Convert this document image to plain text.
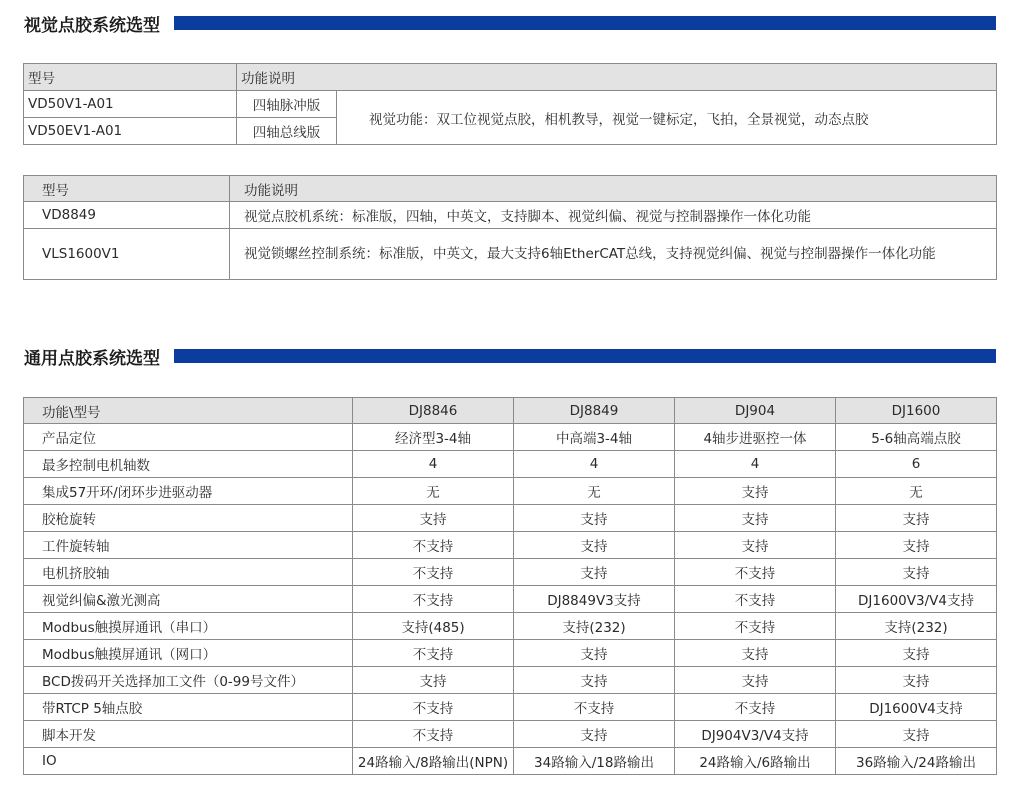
视觉点胶系统选型
型号	功能说明	
VD50V1-A01	四轴脉冲版	视觉功能：双工位视觉点胶，相机教导，视觉一键标定，飞拍，全景视觉，动态点胶
VD50EV1-A01	四轴总线版	
型号	功能说明
VD8849	视觉点胶机系统：标准版，四轴，中英文，支持脚本、视觉纠偏、视觉与控制器操作一体化功能
VLS1600V1	视觉锁螺丝控制系统：标准版，中英文，最大支持6轴EtherCAT总线，支持视觉纠偏、视觉与控制器操作一体化功能
通用点胶系统选型
功能\型号	DJ8846	DJ8849	DJ904	DJ1600
产品定位	经济型3-4轴	中高端3-4轴	4轴步进驱控一体	5-6轴高端点胶
最多控制电机轴数	4	4	4	6
集成57开环/闭环步进驱动器	无	无	支持	无
胶枪旋转	支持	支持	支持	支持
工件旋转轴	不支持	支持	支持	支持
电机挤胶轴	不支持	支持	不支持	支持
视觉纠偏&激光测高	不支持	DJ8849V3支持	不支持	DJ1600V3/V4支持
Modbus触摸屏通讯（串口）	支持(485)	支持(232)	不支持	支持(232)
Modbus触摸屏通讯（网口）	不支持	支持	支持	支持
BCD拨码开关选择加工文件（0-99号文件）	支持	支持	支持	支持
带RTCP 5轴点胶	不支持	不支持	不支持	DJ1600V4支持
脚本开发	不支持	支持	DJ904V3/V4支持	支持
IO	24路输入/8路输出(NPN)	34路输入/18路输出	24路输入/6路输出	36路输入/24路输出
